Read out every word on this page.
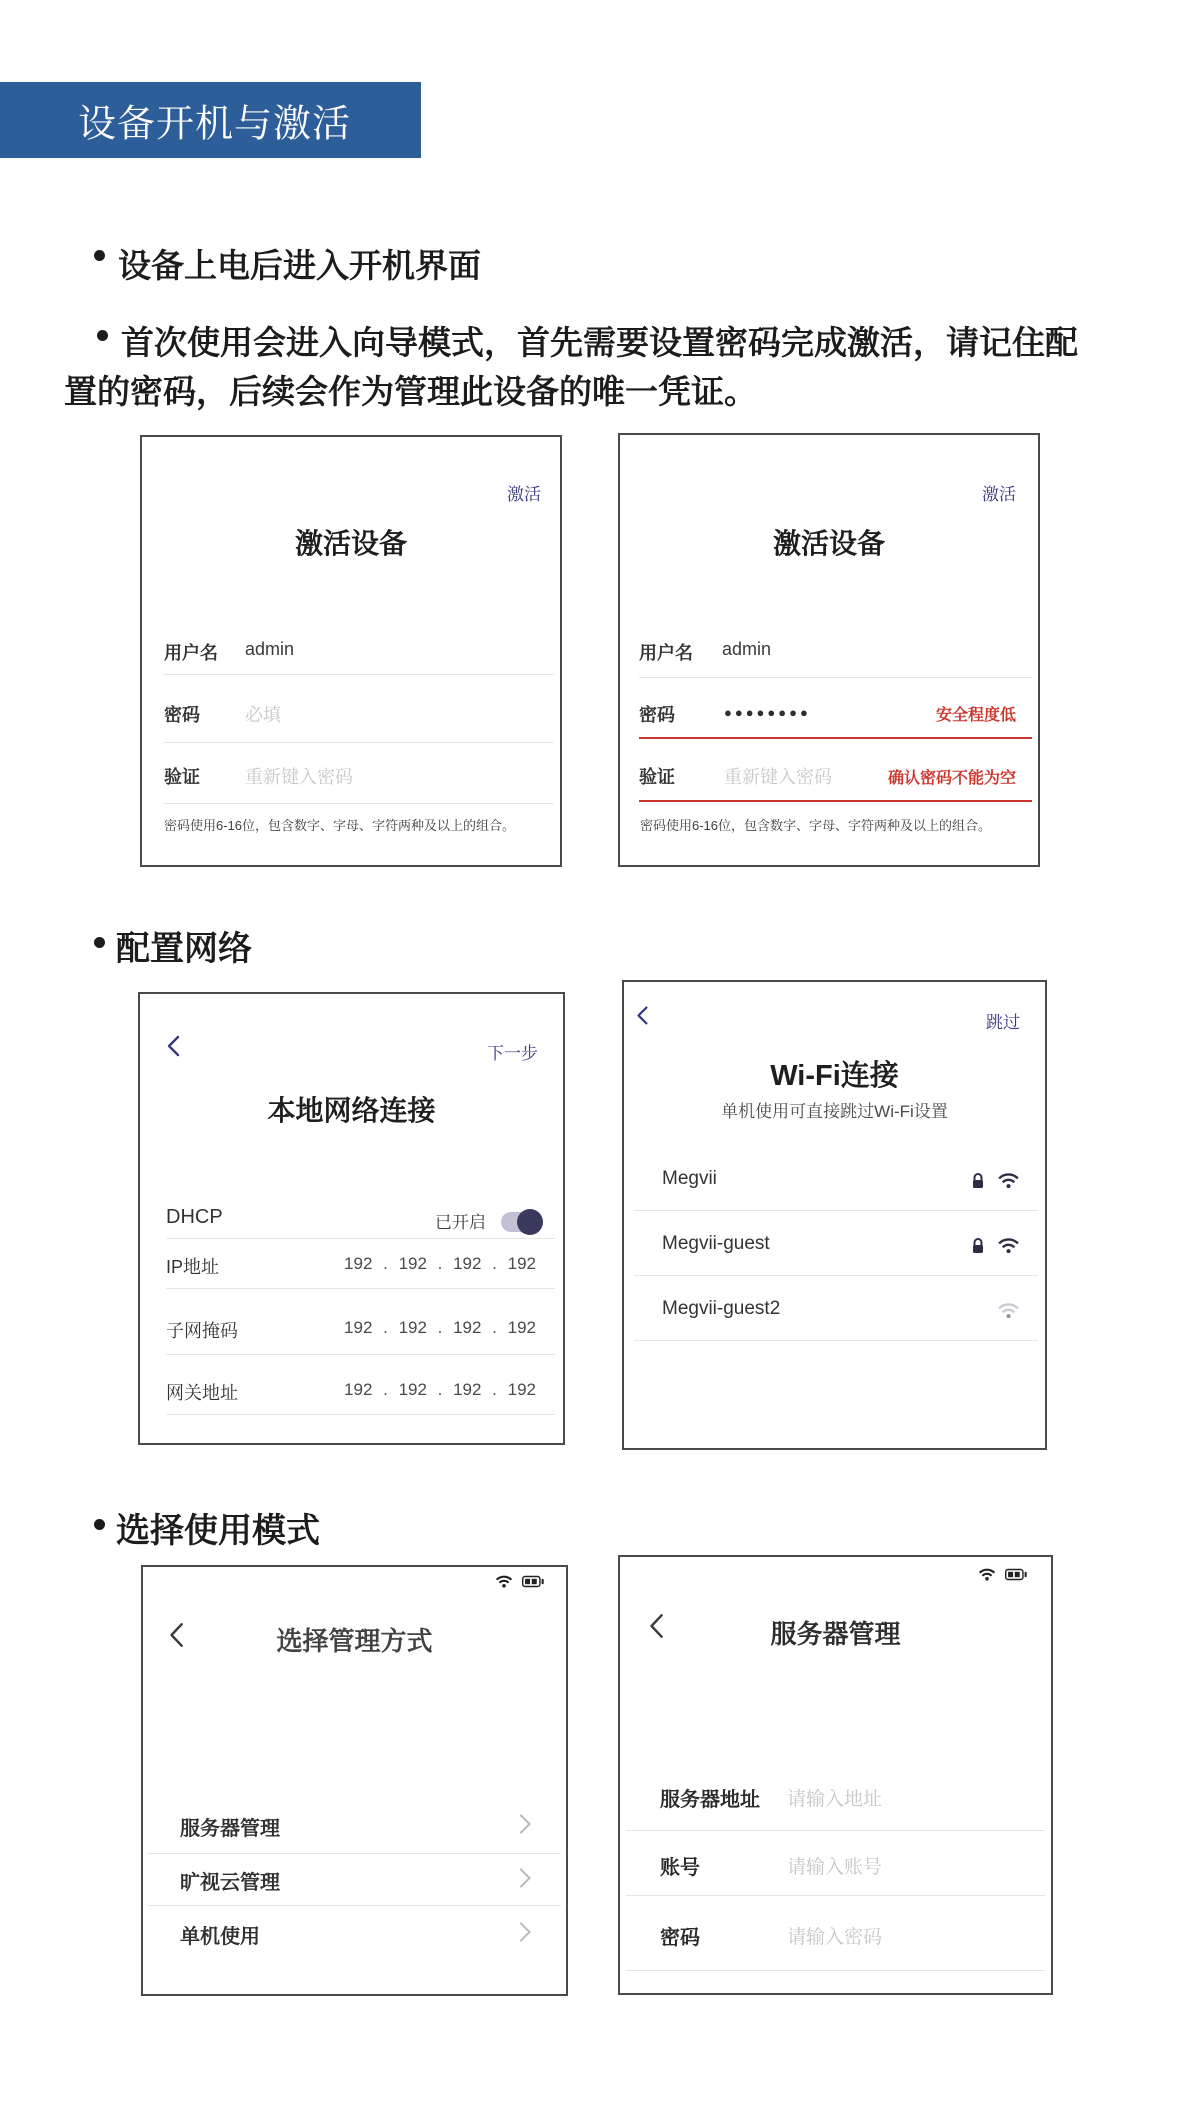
设备开机与激活
设备上电后进入开机界面
首次使用会进入向导模式，首先需要设置密码完成激活，请记住配
置的密码，后续会作为管理此设备的唯一凭证。
配置网络
选择使用模式
激活
激活设备
用户名 admin
密码	必填
验证	重新键入密码
密码使用6-16位，包含数字、字母、字符两种及以上的组合。
激活
激活设备
用户名 admin
密码	●●●●●●●●	安全程度低
验证	重新键入密码	确认密码不能为空
密码使用6-16位，包含数字、字母、字符两种及以上的组合。
下一步
本地网络连接
DHCP	已开启
IP地址	192 . 192 . 192 . 192
子网掩码	192 . 192 . 192 . 192
网关地址	192 . 192 . 192 . 192
跳过
Wi-Fi连接
单机使用可直接跳过Wi-Fi设置
Megvii
Megvii-guest
Megvii-guest2
选择管理方式
服务器管理
旷视云管理
单机使用
服务器管理
服务器地址 请输入地址
账号	请输入账号
密码	请输入密码
